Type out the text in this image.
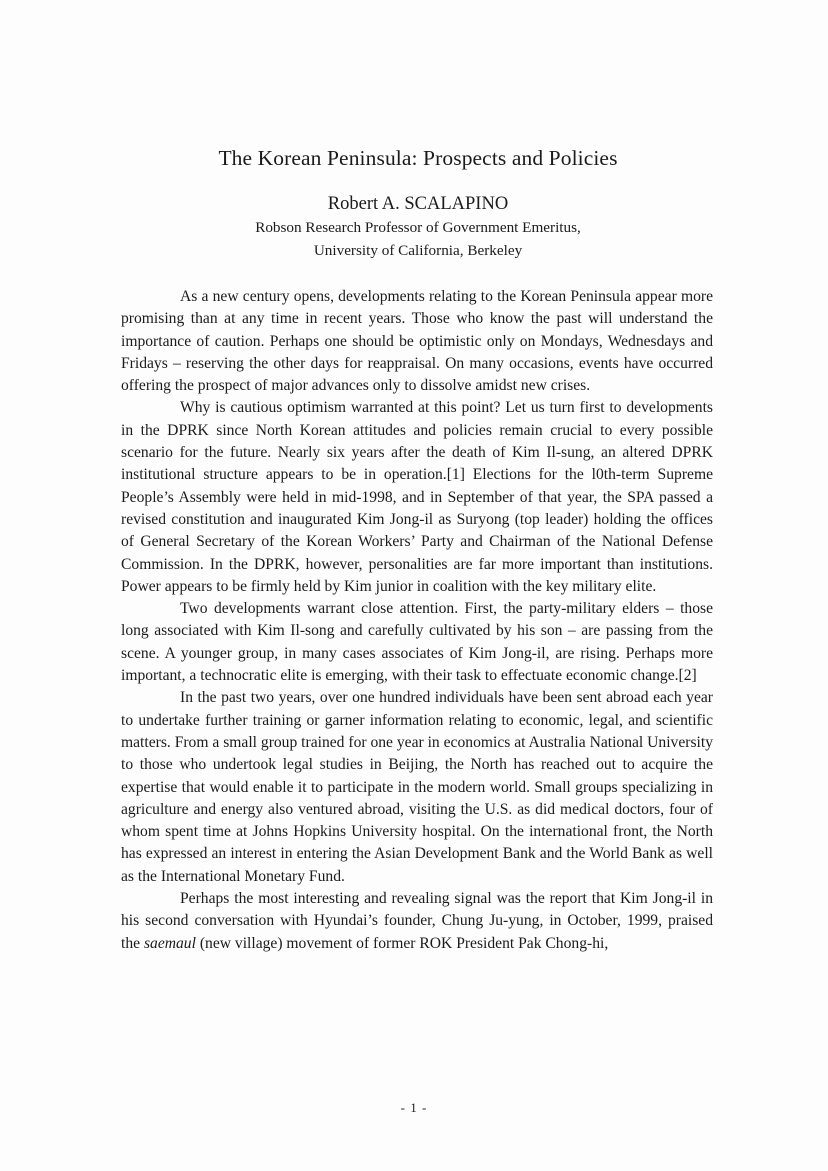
The Korean Peninsula: Prospects and Policies
Robert A. SCALAPINO
Robson Research Professor of Government Emeritus,
University of California, Berkeley

As a new century opens, developments relating to the Korean Peninsula appear more promising than at any time in recent years. Those who know the past will understand the importance of caution. Perhaps one should be optimistic only on Mondays, Wednesdays and Fridays – reserving the other days for reappraisal. On many occasions, events have occurred offering the prospect of major advances only to dissolve amidst new crises.

Why is cautious optimism warranted at this point? Let us turn first to developments in the DPRK since North Korean attitudes and policies remain crucial to every possible scenario for the future. Nearly six years after the death of Kim Il-sung, an altered DPRK institutional structure appears to be in operation.[1] Elections for the l0th-term Supreme People’s Assembly were held in mid-1998, and in September of that year, the SPA passed a revised constitution and inaugurated Kim Jong-il as Suryong (top leader) holding the offices of General Secretary of the Korean Workers’ Party and Chairman of the National Defense Commission. In the DPRK, however, personalities are far more important than institutions. Power appears to be firmly held by Kim junior in coalition with the key military elite.

Two developments warrant close attention. First, the party-military elders – those long associated with Kim Il-song and carefully cultivated by his son – are passing from the scene. A younger group, in many cases associates of Kim Jong-il, are rising. Perhaps more important, a technocratic elite is emerging, with their task to effectuate economic change.[2]

In the past two years, over one hundred individuals have been sent abroad each year to undertake further training or garner information relating to economic, legal, and scientific matters. From a small group trained for one year in economics at Australia National University to those who undertook legal studies in Beijing, the North has reached out to acquire the expertise that would enable it to participate in the modern world. Small groups specializing in agriculture and energy also ventured abroad, visiting the U.S. as did medical doctors, four of whom spent time at Johns Hopkins University hospital. On the international front, the North has expressed an interest in entering the Asian Development Bank and the World Bank as well as the International Monetary Fund.

Perhaps the most interesting and revealing signal was the report that Kim Jong-il in his second conversation with Hyundai’s founder, Chung Ju-yung, in October, 1999, praised the saemaul (new village) movement of former ROK President Pak Chong-hi,

- 1 -
